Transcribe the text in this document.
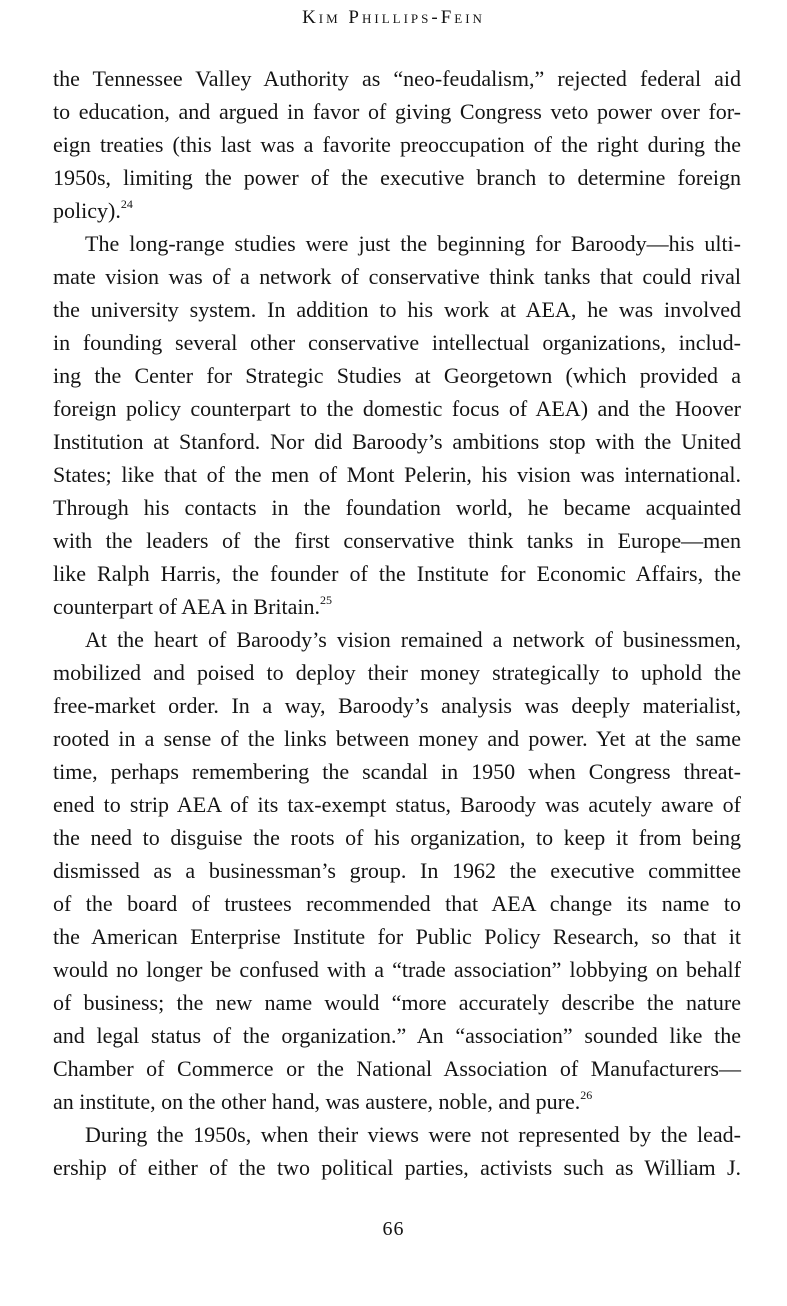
Kim Phillips-Fein
the Tennessee Valley Authority as “neo-feudalism,” rejected federal aid
to education, and argued in favor of giving Congress veto power over for-
eign treaties (this last was a favorite preoccupation of the right during the
1950s, limiting the power of the executive branch to determine foreign
policy).$^{24}$
The long-range studies were just the beginning for Baroody—his ulti-
mate vision was of a network of conservative think tanks that could rival
the university system. In addition to his work at AEA, he was involved
in founding several other conservative intellectual organizations, includ-
ing the Center for Strategic Studies at Georgetown (which provided a
foreign policy counterpart to the domestic focus of AEA) and the Hoover
Institution at Stanford. Nor did Baroody’s ambitions stop with the United
States; like that of the men of Mont Pelerin, his vision was international.
Through his contacts in the foundation world, he became acquainted
with the leaders of the first conservative think tanks in Europe—men
like Ralph Harris, the founder of the Institute for Economic Affairs, the
counterpart of AEA in Britain.$^{25}$
At the heart of Baroody’s vision remained a network of businessmen,
mobilized and poised to deploy their money strategically to uphold the
free-market order. In a way, Baroody’s analysis was deeply materialist,
rooted in a sense of the links between money and power. Yet at the same
time, perhaps remembering the scandal in 1950 when Congress threat-
ened to strip AEA of its tax-exempt status, Baroody was acutely aware of
the need to disguise the roots of his organization, to keep it from being
dismissed as a businessman’s group. In 1962 the executive committee
of the board of trustees recommended that AEA change its name to
the American Enterprise Institute for Public Policy Research, so that it
would no longer be confused with a “trade association” lobbying on behalf
of business; the new name would “more accurately describe the nature
and legal status of the organization.” An “association” sounded like the
Chamber of Commerce or the National Association of Manufacturers—
an institute, on the other hand, was austere, noble, and pure.$^{26}$
During the 1950s, when their views were not represented by the lead-
ership of either of the two political parties, activists such as William J.
66
